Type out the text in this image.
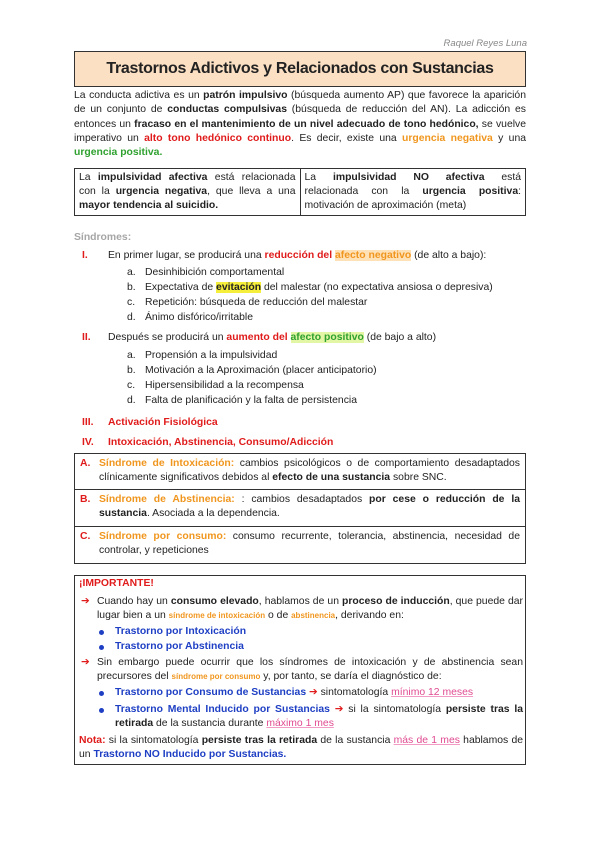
Raquel Reyes Luna
Trastornos Adictivos y Relacionados con Sustancias
La conducta adictiva es un patrón impulsivo (búsqueda aumento AP) que favorece la aparición de un conjunto de conductas compulsivas (búsqueda de reducción del AN). La adicción es entonces un fracaso en el mantenimiento de un nivel adecuado de tono hedónico, se vuelve imperativo un alto tono hedónico continuo. Es decir, existe una urgencia negativa y una urgencia positiva.
La impulsividad afectiva está relacionada con la urgencia negativa, que lleva a una mayor tendencia al suicidio.	La impulsividad NO afectiva está relacionada con la urgencia positiva: motivación de aproximación (meta)
Síndromes:
I. En primer lugar, se producirá una reducción del afecto negativo (de alto a bajo):
a. Desinhibición comportamental
b. Expectativa de evitación del malestar (no expectativa ansiosa o depresiva)
c. Repetición: búsqueda de reducción del malestar
d. Ánimo disfórico/irritable
II. Después se producirá un aumento del afecto positivo (de bajo a alto)
a. Propensión a la impulsividad
b. Motivación a la Aproximación (placer anticipatorio)
c. Hipersensibilidad a la recompensa
d. Falta de planificación y la falta de persistencia
III. Activación Fisiológica
IV. Intoxicación, Abstinencia, Consumo/Adicción
A. Síndrome de Intoxicación: cambios psicológicos o de comportamiento desadaptados clínicamente significativos debidos al efecto de una sustancia sobre SNC.
B. Síndrome de Abstinencia: : cambios desadaptados por cese o reducción de la sustancia. Asociada a la dependencia.
C. Síndrome por consumo: consumo recurrente, tolerancia, abstinencia, necesidad de controlar, y repeticiones
¡IMPORTANTE!
➔ Cuando hay un consumo elevado, hablamos de un proceso de inducción, que puede dar lugar bien a un síndrome de intoxicación o de abstinencia, derivando en:
Trastorno por Intoxicación
Trastorno por Abstinencia
➔ Sin embargo puede ocurrir que los síndromes de intoxicación y de abstinencia sean precursores del síndrome por consumo y, por tanto, se daría el diagnóstico de:
Trastorno por Consumo de Sustancias ➔ sintomatología mínimo 12 meses
Trastorno Mental Inducido por Sustancias ➔ si la sintomatología persiste tras la retirada de la sustancia durante máximo 1 mes
Nota: si la sintomatología persiste tras la retirada de la sustancia más de 1 mes hablamos de un Trastorno NO Inducido por Sustancias.
